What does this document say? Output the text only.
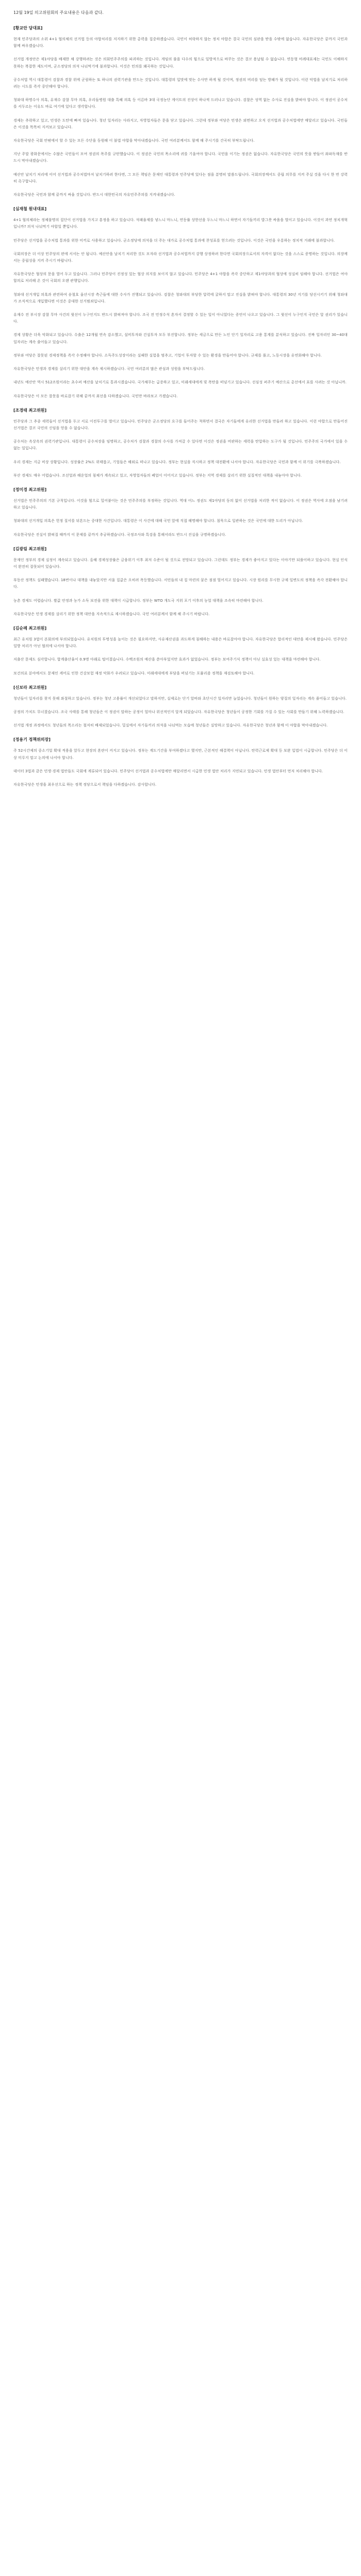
12월 19일 의고위원회의 주요내용은 다음과 같다.
[황교안 당대표]
현재 민주당과의 소위 4+1 협의체의 선거법 등의 야합처리를 저지하기 위한 총력을 집중하겠습니다. 국민이 허락하지 않는 정치 야합은 결국 국민의 심판을 받을 수밖에 없습니다. 자유한국당은 끝까지 국민과 함께 싸우겠습니다.
선거법 개정안은 제1야당을 배제한 채 강행하려는 것은 의회민주주의를 파괴하는 것입니다. 게임의 룰을 다수의 힘으로 일방적으로 바꾸는 것은 결코 용납될 수 없습니다. 연동형 비례대표제는 국민도 이해하지 못하는 복잡한 제도이며, 군소정당의 의석 나눠먹기에 불과합니다. 이것은 민의를 왜곡하는 것입니다.
공수처법 역시 대통령이 검찰과 경찰 위에 군림하는 또 하나의 권력기관을 만드는 것입니다. 대통령의 입맛에 맞는 수사만 하게 될 것이며, 정권의 비리를 덮는 방패가 될 것입니다. 이런 악법을 날치기로 처리하려는 시도를 즉각 중단해야 합니다.
청와대 하명수사 의혹, 유재수 감찰 무마 의혹, 우리들병원 대출 특혜 의혹 등 이른바 3대 국정농단 게이트의 진상이 하나씩 드러나고 있습니다. 검찰은 성역 없는 수사로 진실을 밝혀야 합니다. 이 정권이 공수처를 서두르는 이유도 바로 여기에 있다고 생각합니다.
경제는 추락하고 있고, 민생은 도탄에 빠져 있습니다. 청년 일자리는 사라지고, 자영업자들은 문을 닫고 있습니다. 그런데 정부와 여당은 민생은 외면하고 오직 선거법과 공수처법에만 매달리고 있습니다. 국민들은 이것을 똑똑히 지켜보고 있습니다.
자유한국당은 국회 안팎에서 할 수 있는 모든 수단을 동원해 이 불법 야합을 막아내겠습니다. 국민 여러분께서도 함께 해 주시기를 간곡히 부탁드립니다.
지난 주말 광화문에서는 수많은 국민들이 모여 정권의 폭주를 규탄했습니다. 이 정권은 국민의 목소리에 귀를 기울여야 합니다. 국민을 이기는 정권은 없습니다. 자유한국당은 국민의 뜻을 받들어 좌파독재를 반드시 막아내겠습니다.
예산안 날치기 처리에 이어 선거법과 공수처법마저 날치기하려 한다면, 그 모든 책임은 문재인 대통령과 민주당에 있다는 점을 분명히 말씀드립니다. 국회의장께서도 중립 의무를 지켜 주실 것을 다시 한 번 강력히 촉구합니다.
자유한국당은 국민과 함께 끝까지 싸울 것입니다. 반드시 대한민국의 자유민주주의를 지켜내겠습니다.
[심재철 원내대표]
4+1 협의체라는 정체불명의 집단이 선거법을 가지고 흥정을 하고 있습니다. 석패율제를 넣느니 마느니, 연동률 상한선을 두느니 마느니 하면서 자기들끼리 밥그릇 싸움을 벌이고 있습니다. 이것이 과연 정치개혁입니까? 의석 나눠먹기 야합일 뿐입니다.
민주당은 선거법을 공수처법 통과를 위한 미끼로 사용하고 있습니다. 군소정당에 의석을 더 주는 대가로 공수처법 통과에 찬성표를 얻으려는 것입니다. 이것은 국민을 우롱하는 정치적 거래에 불과합니다.
국회의장은 더 이상 민주당의 편에 서서는 안 됩니다. 예산안을 날치기 처리한 것도 모자라 선거법과 공수처법까지 강행 상정하려 한다면 국회의장으로서의 자격이 없다는 것을 스스로 증명하는 것입니다. 의장께서는 중립성을 지켜 주시기 바랍니다.
자유한국당은 협상의 문을 열어 두고 있습니다. 그러나 민주당이 진정성 있는 협상 의지를 보이지 않고 있습니다. 민주당은 4+1 야합을 즉각 중단하고 제1야당과의 협상에 성실히 임해야 합니다. 선거법은 여야 합의로 처리해 온 것이 국회의 오랜 관행입니다.
청와대 선거개입 의혹과 관련하여 송철호 울산시장 측근들에 대한 수사가 진행되고 있습니다. 검찰은 청와대의 부당한 압력에 굴하지 말고 진실을 밝혀야 합니다. 대통령의 30년 지기를 당선시키기 위해 청와대가 조직적으로 개입했다면 이것은 중대한 선거범죄입니다.
유재수 전 부시장 감찰 무마 사건의 윗선이 누구인지도 반드시 밝혀져야 합니다. 조국 전 민정수석 혼자서 결정할 수 있는 일이 아니었다는 증언이 나오고 있습니다. 그 윗선이 누구인지 국민은 알 권리가 있습니다.
경제 상황은 더욱 악화되고 있습니다. 수출은 12개월 연속 감소했고, 설비투자와 건설투자 모두 부진합니다. 정부는 세금으로 만든 노인 단기 일자리로 고용 통계를 분식하고 있습니다. 진짜 일자리인 30~40대 일자리는 계속 줄어들고 있습니다.
정부와 여당은 잘못된 경제정책을 즉각 수정해야 합니다. 소득주도성장이라는 실패한 실험을 멈추고, 기업이 투자할 수 있는 환경을 만들어야 합니다. 규제를 풀고, 노동시장을 유연화해야 합니다.
자유한국당은 민생과 경제를 살리기 위한 대안을 계속 제시하겠습니다. 국민 여러분의 많은 관심과 성원을 부탁드립니다.
내년도 예산안 역시 512조원이라는 초수퍼 예산을 날치기로 통과시켰습니다. 국가채무는 급증하고 있고, 미래세대에게 빚 폭탄을 떠넘기고 있습니다. 선심성 퍼주기 예산으로 총선에서 표를 사려는 것 아닙니까.
자유한국당은 이 모든 잘못을 바로잡기 위해 끝까지 최선을 다하겠습니다. 국민만 바라보고 가겠습니다.
[조경태 최고위원]
민주당과 그 추종 세력들이 선거법을 두고 서로 이전투구를 벌이고 있습니다. 민주당은 군소정당의 요구를 들어주는 척하면서 결국은 자기들에게 유리한 선거법을 만들려 하고 있습니다. 이런 야합으로 만들어진 선거법은 결코 국민의 신임을 얻을 수 없습니다.
공수처는 옥상옥의 권력기관입니다. 대통령이 공수처장을 임명하고, 공수처가 검찰과 경찰의 수사를 가져갈 수 있다면 이것은 정권을 비판하는 세력을 탄압하는 도구가 될 것입니다. 민주주의 국가에서 있을 수 없는 일입니다.
우리 경제는 지금 비상 상황입니다. 성장률은 2%도 위태롭고, 기업들은 해외로 떠나고 있습니다. 정부는 현실을 직시하고 정책 대전환에 나서야 합니다. 자유한국당은 국민과 함께 이 위기를 극복하겠습니다.
부산 경제도 매우 어렵습니다. 조선업과 해운업의 침체가 계속되고 있고, 자영업자들의 폐업이 이어지고 있습니다. 정부는 지역 경제를 살리기 위한 실질적인 대책을 내놓아야 합니다.
[정미경 최고위원]
선거법은 민주주의의 기본 규칙입니다. 이것을 힘으로 밀어붙이는 것은 민주주의를 부정하는 것입니다. 역대 어느 정권도 제1야당의 동의 없이 선거법을 처리한 적이 없습니다. 이 정권은 역사에 오점을 남기려 하고 있습니다.
청와대의 선거개입 의혹은 헌정 질서를 뒤흔드는 중대한 사건입니다. 대통령은 이 사건에 대해 국민 앞에 직접 해명해야 합니다. 침묵으로 일관하는 것은 국민에 대한 도리가 아닙니다.
자유한국당은 진실이 밝혀질 때까지 이 문제를 끝까지 추궁하겠습니다. 국정조사와 특검을 통해서라도 반드시 진실을 규명하겠습니다.
[김광림 최고위원]
문재인 정부의 경제 실정이 계속되고 있습니다. 올해 경제성장률은 금융위기 이후 최저 수준이 될 것으로 전망되고 있습니다. 그런데도 정부는 경제가 좋아지고 있다는 이야기만 되풀이하고 있습니다. 현실 인식이 완전히 잘못되어 있습니다.
부동산 정책도 실패했습니다. 18번이나 대책을 내놓았지만 서울 집값은 오히려 폭등했습니다. 서민들의 내 집 마련의 꿈은 점점 멀어지고 있습니다. 시장 원리를 무시한 규제 일변도의 정책을 즉각 전환해야 합니다.
농촌 경제도 어렵습니다. 쌀값 안정과 농가 소득 보전을 위한 대책이 시급합니다. 정부는 WTO 개도국 지위 포기 이후의 농업 대책을 조속히 마련해야 합니다.
자유한국당은 민생 경제를 살리기 위한 정책 대안을 지속적으로 제시하겠습니다. 국민 여러분께서 함께 해 주시기 바랍니다.
[김순례 최고위원]
최근 유치원 3법이 본회의에 부의되었습니다. 유치원의 투명성을 높이는 것은 필요하지만, 사유재산권을 과도하게 침해하는 내용은 바로잡아야 합니다. 자유한국당은 합리적인 대안을 제시해 왔습니다. 민주당은 일방 처리가 아닌 협의에 나서야 합니다.
저출산 문제도 심각합니다. 합계출산율이 0.9명 아래로 떨어졌습니다. 수백조원의 예산을 쏟아부었지만 효과가 없었습니다. 정부는 보여주기식 정책이 아닌 실효성 있는 대책을 마련해야 합니다.
보건의료 분야에서도 문재인 케어로 인한 건강보험 재정 악화가 우려되고 있습니다. 미래세대에게 부담을 떠넘기는 포퓰리즘 정책을 재검토해야 합니다.
[신보라 최고위원]
청년들이 일자리를 찾지 못해 좌절하고 있습니다. 정부는 청년 고용률이 개선되었다고 말하지만, 실제로는 단기 알바와 초단시간 일자리만 늘었습니다. 청년들이 원하는 양질의 일자리는 계속 줄어들고 있습니다.
공정의 가치도 무너졌습니다. 조국 사태를 통해 청년들은 이 정권이 말하는 공정이 얼마나 위선적인지 알게 되었습니다. 자유한국당은 청년들이 공정한 기회를 가질 수 있는 사회를 만들기 위해 노력하겠습니다.
선거법 개정 과정에서도 청년들의 목소리는 철저히 배제되었습니다. 밀실에서 자기들끼리 의석을 나눠먹는 모습에 청년들은 실망하고 있습니다. 자유한국당은 청년과 함께 이 야합을 막아내겠습니다.
[정용기 정책위의장]
주 52시간제의 중소기업 확대 적용을 앞두고 현장의 혼란이 커지고 있습니다. 정부는 계도기간을 부여하겠다고 했지만, 근본적인 해결책이 아닙니다. 탄력근로제 확대 등 보완 입법이 시급합니다. 민주당은 더 이상 미루지 말고 논의에 나서야 합니다.
데이터 3법과 같은 민생·경제 법안들도 국회에 계류되어 있습니다. 민주당이 선거법과 공수처법에만 매달리면서 시급한 민생 법안 처리가 지연되고 있습니다. 민생 법안부터 먼저 처리해야 합니다.
자유한국당은 민생을 최우선으로 하는 정책 정당으로서 책임을 다하겠습니다. 감사합니다.
